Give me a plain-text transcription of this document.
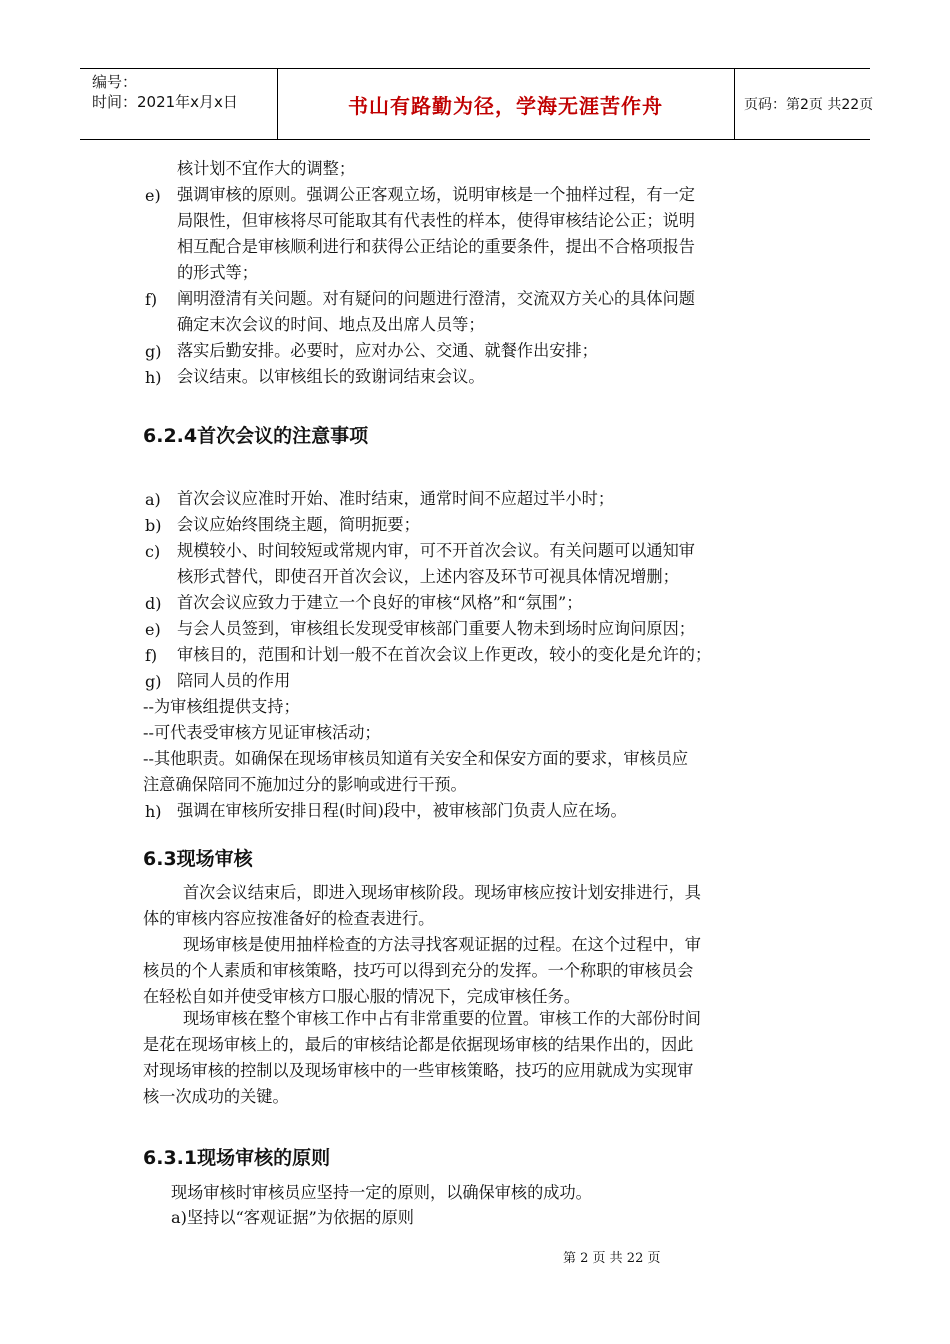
编号：
时间：2021年x月x日	书山有路勤为径，学海无涯苦作舟	页码：第2页 共22页
核计划不宜作大的调整；
e) 强调审核的原则。强调公正客观立场，说明审核是一个抽样过程，有一定
局限性，但审核将尽可能取其有代表性的样本，使得审核结论公正；说明
相互配合是审核顺利进行和获得公正结论的重要条件，提出不合格项报告
的形式等；
f) 阐明澄清有关问题。对有疑问的问题进行澄清，交流双方关心的具体问题
确定末次会议的时间、地点及出席人员等；
g) 落实后勤安排。必要时，应对办公、交通、就餐作出安排；
h) 会议结束。以审核组长的致谢词结束会议。
6.2.4首次会议的注意事项
a) 首次会议应准时开始、准时结束，通常时间不应超过半小时；
b) 会议应始终围绕主题，简明扼要；
c) 规模较小、时间较短或常规内审，可不开首次会议。有关问题可以通知审
核形式替代，即使召开首次会议，上述内容及环节可视具体情况增删；
d) 首次会议应致力于建立一个良好的审核“风格”和“氛围”；
e) 与会人员签到，审核组长发现受审核部门重要人物未到场时应询问原因；
f) 审核目的，范围和计划一般不在首次会议上作更改，较小的变化是允许的；
g) 陪同人员的作用
--为审核组提供支持；
--可代表受审核方见证审核活动；
--其他职责。如确保在现场审核员知道有关安全和保安方面的要求，审核员应
注意确保陪同不施加过分的影响或进行干预。
h) 强调在审核所安排日程(时间)段中，被审核部门负责人应在场。
6.3现场审核
首次会议结束后，即进入现场审核阶段。现场审核应按计划安排进行，具
体的审核内容应按准备好的检查表进行。
现场审核是使用抽样检查的方法寻找客观证据的过程。在这个过程中，审
核员的个人素质和审核策略，技巧可以得到充分的发挥。一个称职的审核员会
在轻松自如并使受审核方口服心服的情况下，完成审核任务。
现场审核在整个审核工作中占有非常重要的位置。审核工作的大部份时间
是花在现场审核上的，最后的审核结论都是依据现场审核的结果作出的，因此
对现场审核的控制以及现场审核中的一些审核策略，技巧的应用就成为实现审
核一次成功的关键。
6.3.1现场审核的原则
现场审核时审核员应坚持一定的原则，以确保审核的成功。
a)坚持以“客观证据”为依据的原则
第 2 页 共 22 页
